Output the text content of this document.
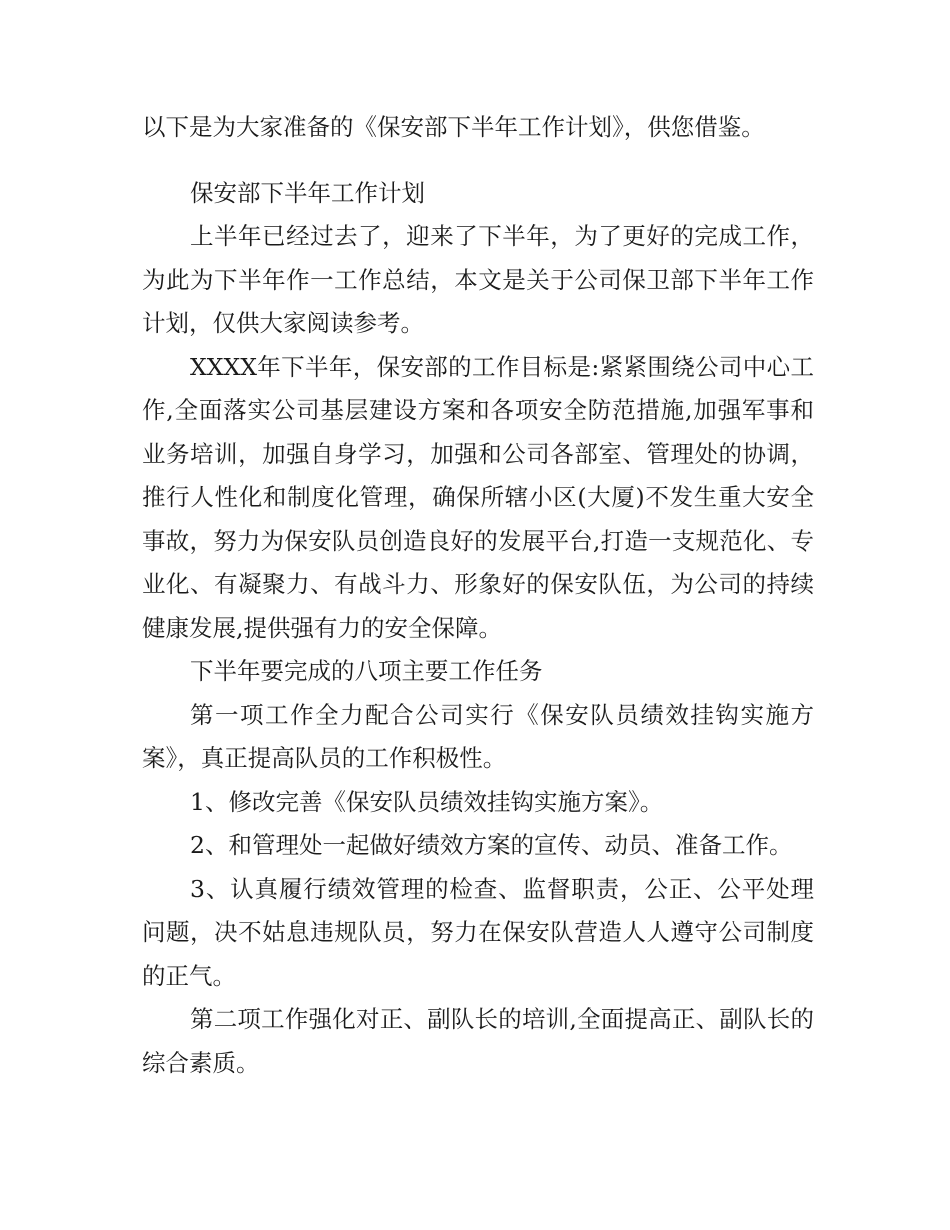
以下是为大家准备的《保安部下半年工作计划》，供您借鉴。

保安部下半年工作计划

上半年已经过去了，迎来了下半年，为了更好的完成工作，为此为下半年作一工作总结，本文是关于公司保卫部下半年工作计划，仅供大家阅读参考。

XXXX年下半年，保安部的工作目标是:紧紧围绕公司中心工作,全面落实公司基层建设方案和各项安全防范措施,加强军事和业务培训，加强自身学习，加强和公司各部室、管理处的协调，推行人性化和制度化管理，确保所辖小区(大厦)不发生重大安全事故，努力为保安队员创造良好的发展平台,打造一支规范化、专业化、有凝聚力、有战斗力、形象好的保安队伍，为公司的持续健康发展,提供强有力的安全保障。

下半年要完成的八项主要工作任务

第一项工作全力配合公司实行《保安队员绩效挂钩实施方案》，真正提高队员的工作积极性。

1、修改完善《保安队员绩效挂钩实施方案》。

2、和管理处一起做好绩效方案的宣传、动员、准备工作。

3、认真履行绩效管理的检查、监督职责，公正、公平处理问题，决不姑息违规队员，努力在保安队营造人人遵守公司制度的正气。

第二项工作强化对正、副队长的培训,全面提高正、副队长的综合素质。
